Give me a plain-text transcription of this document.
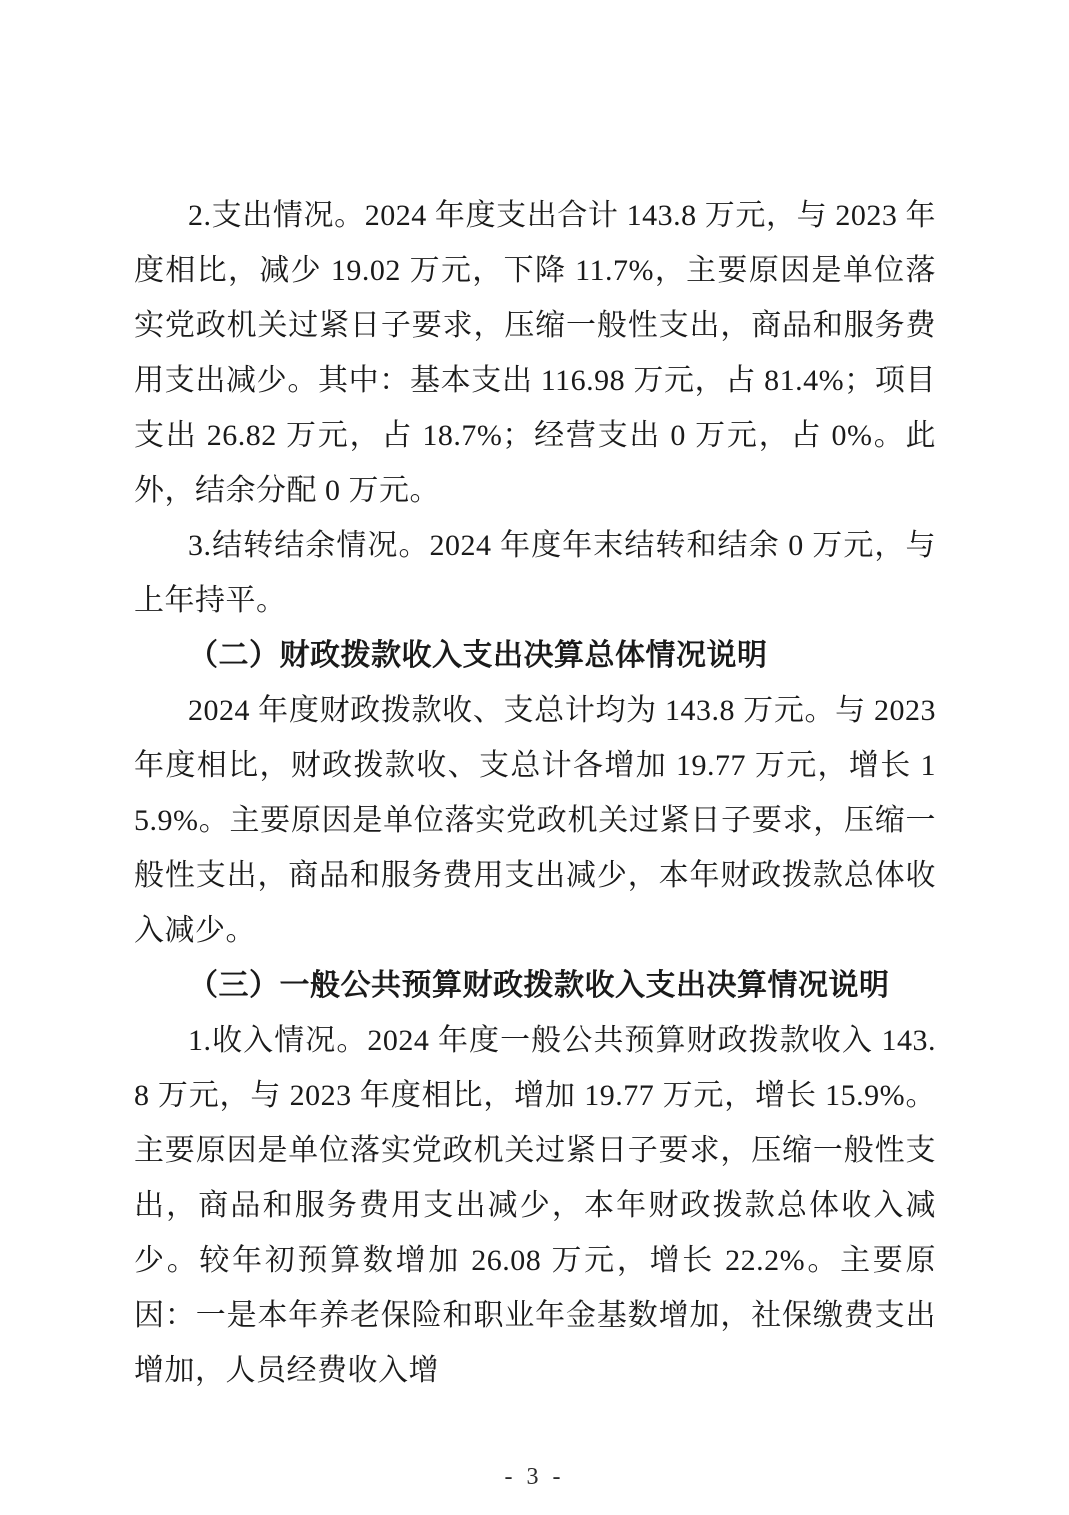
2.支出情况。2024 年度支出合计 143.8 万元，与 2023 年度相比，减少 19.02 万元，下降 11.7%，主要原因是单位落实党政机关过紧日子要求，压缩一般性支出，商品和服务费用支出减少。其中：基本支出 116.98 万元，占 81.4%；项目支出 26.82 万元，占 18.7%；经营支出 0 万元，占 0%。此外，结余分配 0 万元。

3.结转结余情况。2024 年度年末结转和结余 0 万元，与上年持平。

（二）财政拨款收入支出决算总体情况说明

2024 年度财政拨款收、支总计均为 143.8 万元。与 2023 年度相比，财政拨款收、支总计各增加 19.77 万元，增长 15.9%。主要原因是单位落实党政机关过紧日子要求，压缩一般性支出，商品和服务费用支出减少，本年财政拨款总体收入减少。

（三）一般公共预算财政拨款收入支出决算情况说明

1.收入情况。2024 年度一般公共预算财政拨款收入 143.8 万元，与 2023 年度相比，增加 19.77 万元，增长 15.9%。主要原因是单位落实党政机关过紧日子要求，压缩一般性支出，商品和服务费用支出减少，本年财政拨款总体收入减少。较年初预算数增加 26.08 万元，增长 22.2%。主要原因：一是本年养老保险和职业年金基数增加，社保缴费支出增加，人员经费收入增

- 3 -
